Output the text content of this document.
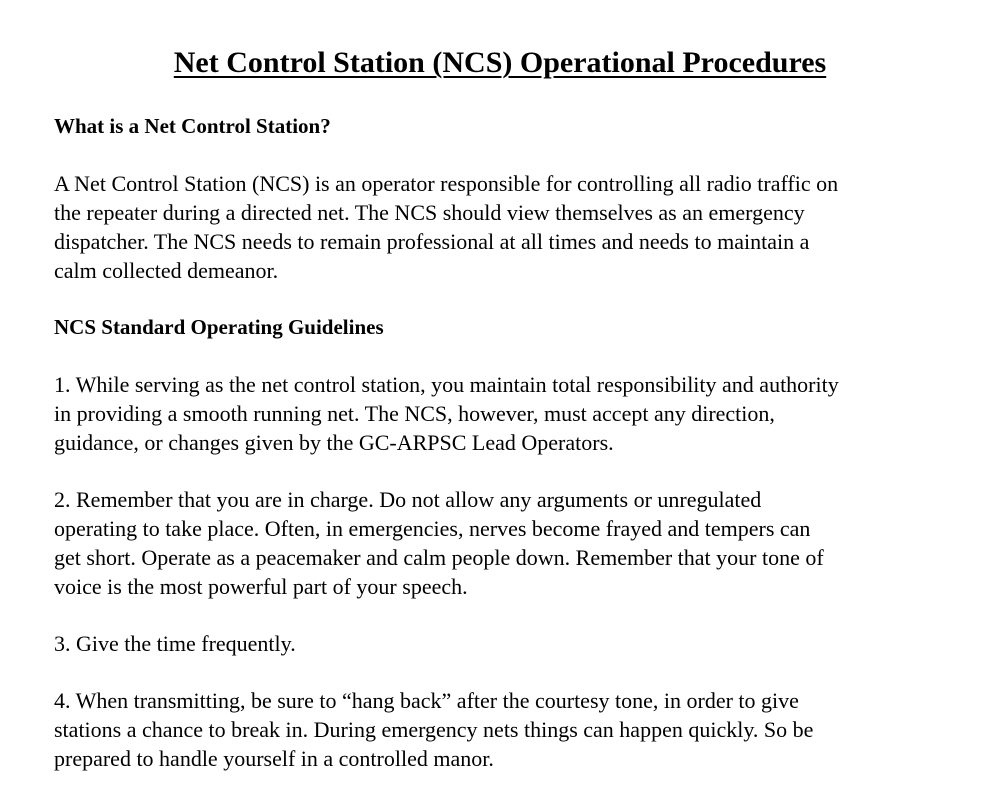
Net Control Station (NCS) Operational Procedures
What is a Net Control Station?
A Net Control Station (NCS) is an operator responsible for controlling all radio traffic on
the repeater during a directed net. The NCS should view themselves as an emergency
dispatcher. The NCS needs to remain professional at all times and needs to maintain a
calm collected demeanor.
NCS Standard Operating Guidelines
1. While serving as the net control station, you maintain total responsibility and authority
in providing a smooth running net. The NCS, however, must accept any direction,
guidance, or changes given by the GC-ARPSC Lead Operators.
2. Remember that you are in charge. Do not allow any arguments or unregulated
operating to take place. Often, in emergencies, nerves become frayed and tempers can
get short. Operate as a peacemaker and calm people down. Remember that your tone of
voice is the most powerful part of your speech.
3. Give the time frequently.
4. When transmitting, be sure to “hang back” after the courtesy tone, in order to give
stations a chance to break in. During emergency nets things can happen quickly. So be
prepared to handle yourself in a controlled manor.
